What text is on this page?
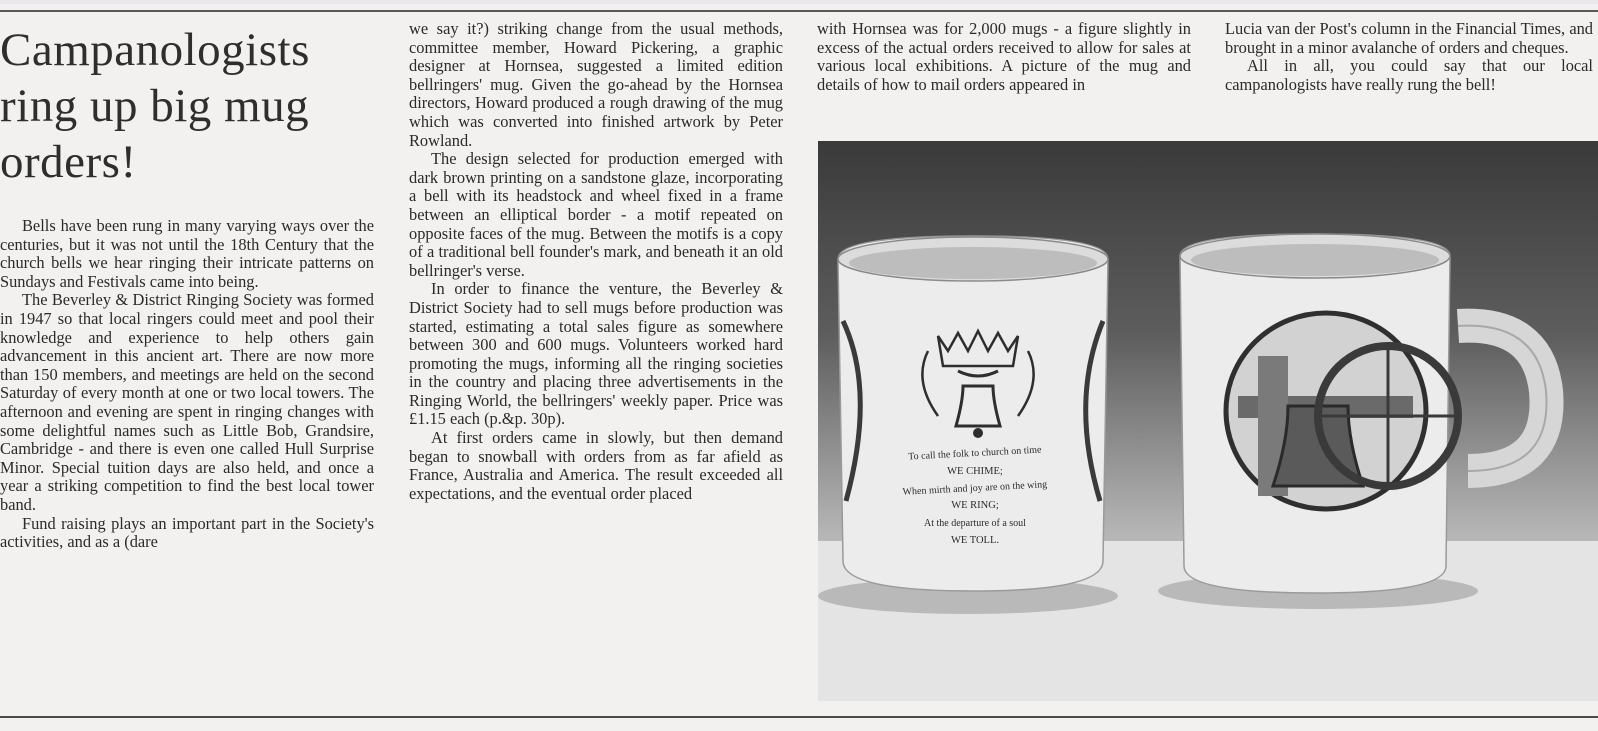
Campanologists ring up big mug orders!

Bells have been rung in many varying ways over the centuries, but it was not until the 18th Century that the church bells we hear ringing their intricate patterns on Sundays and Festivals came into being.

The Beverley & District Ringing Society was formed in 1947 so that local ringers could meet and pool their knowledge and experience to help others gain advancement in this ancient art. There are now more than 150 members, and meetings are held on the second Saturday of every month at one or two local towers. The afternoon and evening are spent in ringing changes with some delightful names such as Little Bob, Grandsire, Cambridge - and there is even one called Hull Surprise Minor. Special tuition days are also held, and once a year a striking competition to find the best local tower band.

Fund raising plays an important part in the Society's activities, and as a (dare

we say it?) striking change from the usual methods, committee member, Howard Pickering, a graphic designer at Hornsea, suggested a limited edition bellringers' mug. Given the go-ahead by the Hornsea directors, Howard produced a rough drawing of the mug which was converted into finished artwork by Peter Rowland.

The design selected for production emerged with dark brown printing on a sandstone glaze, incorporating a bell with its headstock and wheel fixed in a frame between an elliptical border - a motif repeated on opposite faces of the mug. Between the motifs is a copy of a traditional bell founder's mark, and beneath it an old bellringer's verse.

In order to finance the venture, the Beverley & District Society had to sell mugs before production was started, estimating a total sales figure as somewhere between 300 and 600 mugs. Volunteers worked hard promoting the mugs, informing all the ringing societies in the country and placing three advertisements in the Ringing World, the bellringers' weekly paper. Price was £1.15 each (p.&p. 30p).

At first orders came in slowly, but then demand began to snowball with orders from as far afield as France, Australia and America. The result exceeded all expectations, and the eventual order placed

with Hornsea was for 2,000 mugs - a figure slightly in excess of the actual orders received to allow for sales at various local exhibitions. A picture of the mug and details of how to mail orders appeared in

Lucia van der Post's column in the Financial Times, and brought in a minor avalanche of orders and cheques.

All in all, you could say that our local campanologists have really rung the bell!

To call the folk to church on time
WE CHIME;
When mirth and joy are on the wing
WE RING;
At the departure of a soul
WE TOLL.
